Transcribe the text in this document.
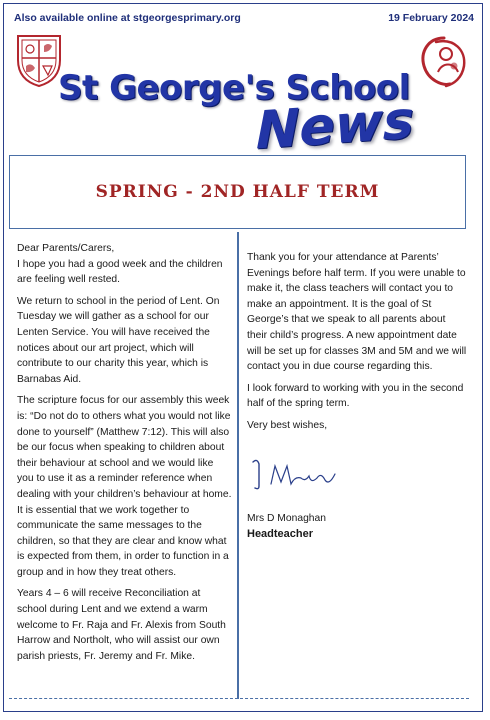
Also available online at stgeorgesprimary.org	19 February 2024
St George's School
News
SPRING - 2ND HALF TERM

Dear Parents/Carers,
I hope you had a good week and the children are feeling well rested.

We return to school in the period of Lent. On Tuesday we will gather as a school for our Lenten Service. You will have received the notices about our art project, which will contribute to our charity this year, which is Barnabas Aid.

The scripture focus for our assembly this week is: “Do not do to others what you would not like done to yourself” (Matthew 7:12). This will also be our focus when speaking to children about their behaviour at school and we would like you to use it as a reminder reference when dealing with your children’s behaviour at home. It is essential that we work together to communicate the same messages to the children, so that they are clear and know what is expected from them, in order to function in a group and in how they treat others.

Years 4 – 6 will receive Reconciliation at school during Lent and we extend a warm welcome to Fr. Raja and Fr. Alexis from South Harrow and Northolt, who will assist our own parish priests, Fr. Jeremy and Fr. Mike.

Thank you for your attendance at Parents’ Evenings before half term. If you were unable to make it, the class teachers will contact you to make an appointment. It is the goal of St George’s that we speak to all parents about their child’s progress. A new appointment date will be set up for classes 3M and 5M and we will contact you in due course regarding this.

I look forward to working with you in the second half of the spring term.

Very best wishes,

Mrs D Monaghan
Headteacher
